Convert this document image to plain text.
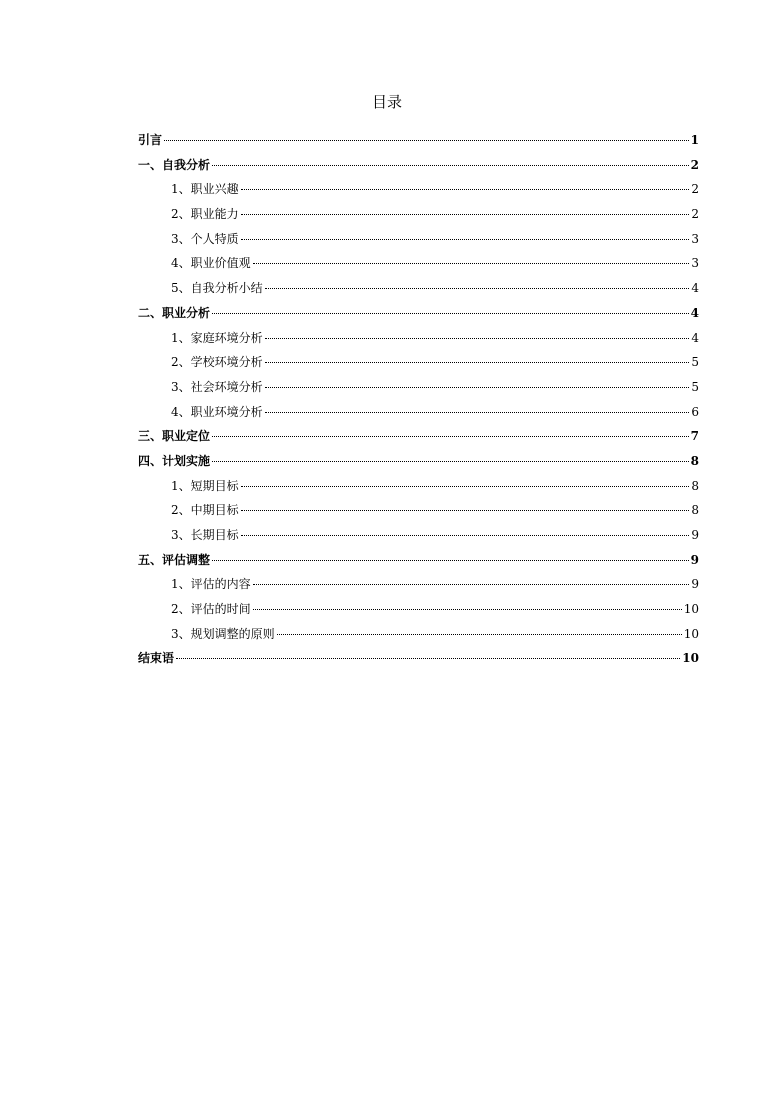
目录
引言	1
一、自我分析	2
1、职业兴趣	2
2、职业能力	2
3、个人特质	3
4、职业价值观	3
5、自我分析小结	4
二、职业分析	4
1、家庭环境分析	4
2、学校环境分析	5
3、社会环境分析	5
4、职业环境分析	6
三、职业定位	7
四、计划实施	8
1、短期目标	8
2、中期目标	8
3、长期目标	9
五、评估调整	9
1、评估的内容	9
2、评估的时间	10
3、规划调整的原则	10
结束语	10
